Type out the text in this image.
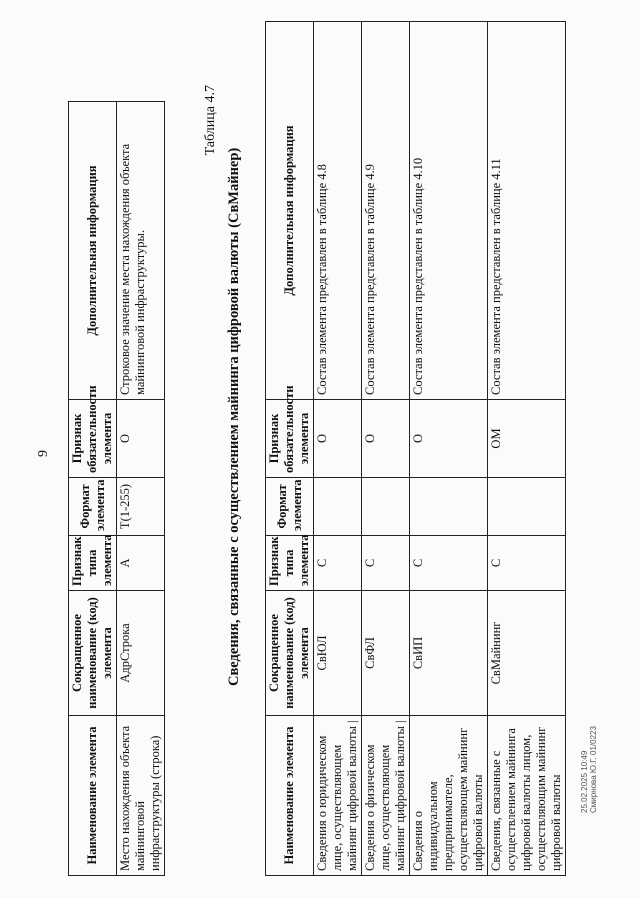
9
Наименование элемента	Сокращенное наименование (код) элемента	Признак типа элемента	Формат элемента	Признак обязательности элемента	Дополнительная информация
Место нахождения объекта майнинговой инфраструктуры (строка)	АдрСтрока	А	T(1-255)	О	Строковое значение места нахождения объекта майнинговой инфраструктуры.
Таблица 4.7
Сведения, связанные с осуществлением майнинга цифровой валюты (СвМайнер)
Наименование элемента	Сокращенное наименование (код) элемента	Признак типа элемента	Формат элемента	Признак обязательности элемента	Дополнительная информация
Сведения о юридическом лице, осуществляющем майнинг цифровой валюты |	СвЮЛ	С		О	Состав элемента представлен в таблице 4.8
Сведения о физическом лице, осуществляющем майнинг цифровой валюты |	СвФЛ	С		О	Состав элемента представлен в таблице 4.9
Сведения о индивидуальном предпринимателе, осуществляющем майнинг цифровой валюты	СвИП	С		О	Состав элемента представлен в таблице 4.10
Сведения, связанные с осуществлением майнинга цифровой валюты лицом, осуществляющим майнинг цифровой валюты	СвМайнинг	С		ОМ	Состав элемента представлен в таблице 4.11
25.02.2025 10:49 Смирнова Ю.Г. 01/0223
